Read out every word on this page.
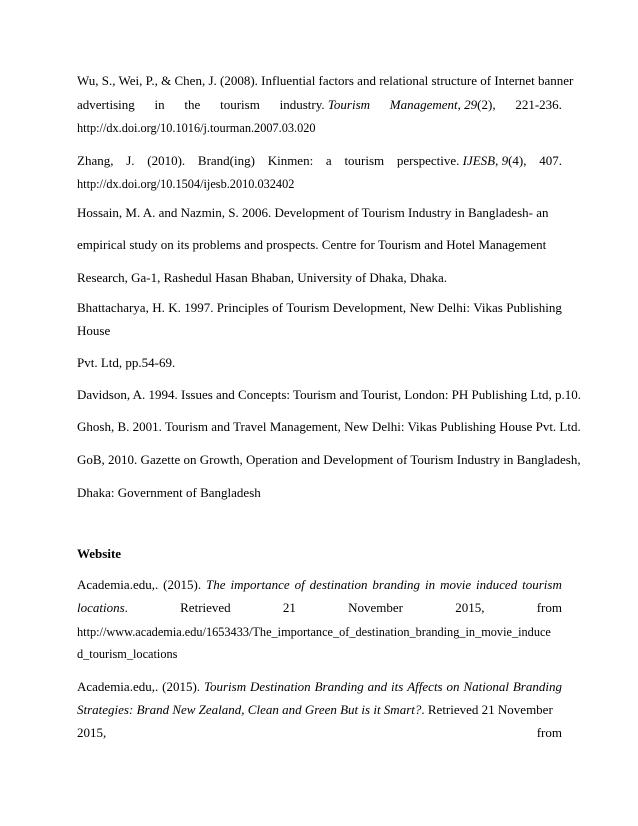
Wu, S., Wei, P., & Chen, J. (2008). Influential factors and relational structure of Internet banner
advertising in the tourism industry. Tourism Management, 29(2), 221-236.
http://dx.doi.org/10.1016/j.tourman.2007.03.020
Zhang, J. (2010). Brand(ing) Kinmen: a tourism perspective. IJESB, 9(4), 407.
http://dx.doi.org/10.1504/ijesb.2010.032402
Hossain, M. A. and Nazmin, S. 2006. Development of Tourism Industry in Bangladesh- an
empirical study on its problems and prospects. Centre for Tourism and Hotel Management
Research, Ga-1, Rashedul Hasan Bhaban, University of Dhaka, Dhaka.
Bhattacharya, H. K. 1997. Principles of Tourism Development, New Delhi: Vikas Publishing
House
Pvt. Ltd, pp.54-69.
Davidson, A. 1994. Issues and Concepts: Tourism and Tourist, London: PH Publishing Ltd, p.10.
Ghosh, B. 2001. Tourism and Travel Management, New Delhi: Vikas Publishing House Pvt. Ltd.
GoB, 2010. Gazette on Growth, Operation and Development of Tourism Industry in Bangladesh,
Dhaka: Government of Bangladesh
Website
Academia.edu,. (2015). The importance of destination branding in movie induced tourism
locations.	Retrieved	21	November	2015,	from
http://www.academia.edu/1653433/The_importance_of_destination_branding_in_movie_induce
d_tourism_locations
Academia.edu,. (2015). Tourism Destination Branding and its Affects on National Branding
Strategies: Brand New Zealand, Clean and Green But is it Smart?. Retrieved 21 November
2015,	from
